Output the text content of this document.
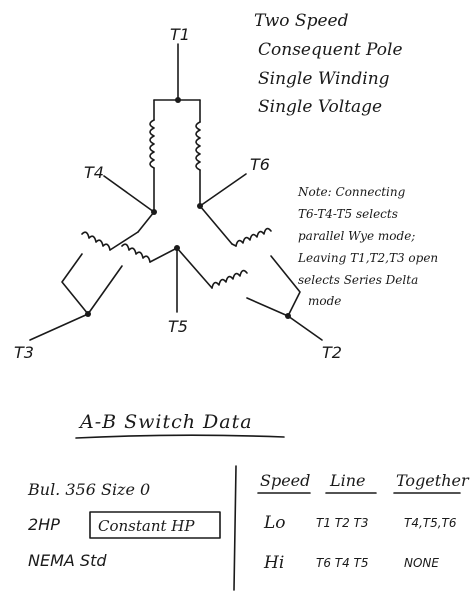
Two Speed
Consequent Pole
Single Winding
Single Voltage
T1
T4	T6
T5
T3	T2
Note: Connecting
T6-T4-T5 selects
parallel Wye mode;
Leaving T1,T2,T3 open
selects Series Delta
mode
A-B Switch Data
Bul. 356 Size 0
2HP	Constant HP
NEMA Std
Speed Line Together
Lo	T1 T2 T3	T4,T5,T6
Hi	T6 T4 T5	NONE
